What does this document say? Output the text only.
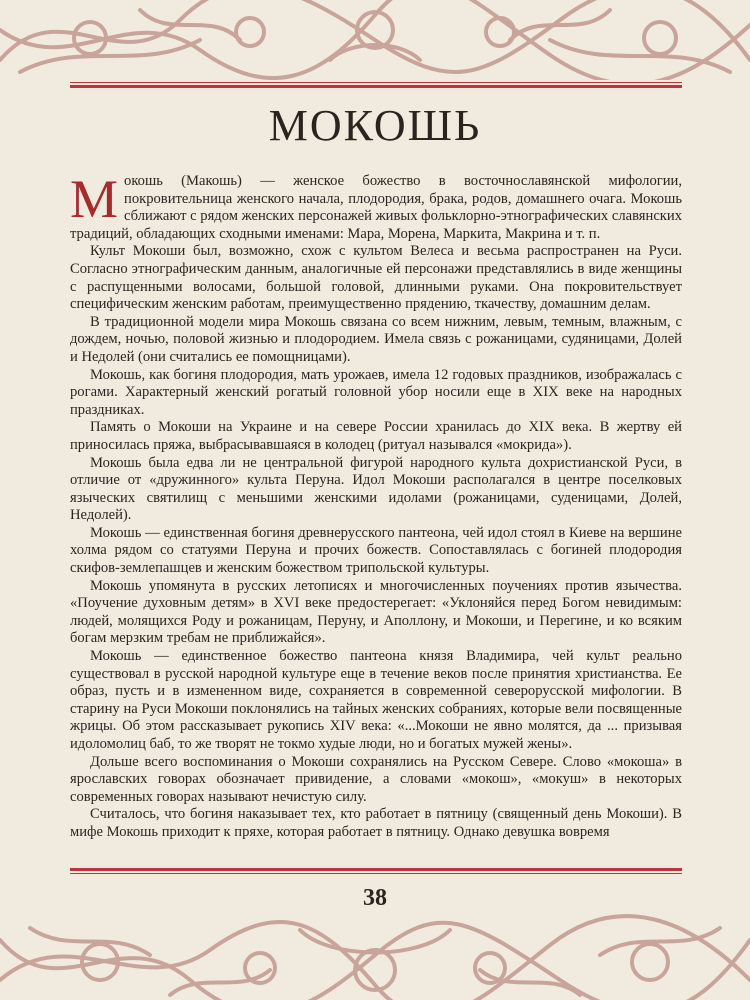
МОКОШЬ

Мокошь (Макошь) — женское божество в восточнославянской мифологии, покровительница женского начала, плодородия, брака, родов, домашнего очага. Мокошь сближают с рядом женских персонажей живых фольклорно-этнографических славянских традиций, обладающих сходными именами: Мара, Морена, Маркита, Макрина и т. п.

Культ Мокоши был, возможно, схож с культом Велеса и весьма распространен на Руси. Согласно этнографическим данным, аналогичные ей персонажи представлялись в виде женщины с распущенными волосами, большой головой, длинными руками. Она покровительствует специфическим женским работам, преимущественно прядению, ткачеству, домашним делам.

В традиционной модели мира Мокошь связана со всем нижним, левым, темным, влажным, с дождем, ночью, половой жизнью и плодородием. Имела связь с рожаницами, судяницами, Долей и Недолей (они считались ее помощницами).

Мокошь, как богиня плодородия, мать урожаев, имела 12 годовых праздников, изображалась с рогами. Характерный женский рогатый головной убор носили еще в XIX веке на народных праздниках.

Память о Мокоши на Украине и на севере России хранилась до XIX века. В жертву ей приносилась пряжа, выбрасывавшаяся в колодец (ритуал назывался «мокрида»).

Мокошь была едва ли не центральной фигурой народного культа дохристианской Руси, в отличие от «дружинного» культа Перуна. Идол Мокоши располагался в центре поселковых языческих святилищ с меньшими женскими идолами (рожаницами, суденицами, Долей, Недолей).

Мокошь — единственная богиня древнерусского пантеона, чей идол стоял в Киеве на вершине холма рядом со статуями Перуна и прочих божеств. Сопоставлялась с богиней плодородия скифов-землепашцев и женским божеством трипольской культуры.

Мокошь упомянута в русских летописях и многочисленных поучениях против язычества. «Поучение духовным детям» в XVI веке предостерегает: «Уклоняйся перед Богом невидимым: людей, молящихся Роду и рожаницам, Перуну, и Аполлону, и Мокоши, и Перегине, и ко всяким богам мерзким требам не приближайся».

Мокошь — единственное божество пантеона князя Владимира, чей культ реально существовал в русской народной культуре еще в течение веков после принятия христианства. Ее образ, пусть и в измененном виде, сохраняется в современной северорусской мифологии. В старину на Руси Мокоши поклонялись на тайных женских собраниях, которые вели посвященные жрицы. Об этом рассказывает рукопись XIV века: «...Мокоши не явно молятся, да ... призывая идоломолиц баб, то же творят не токмо худые люди, но и богатых мужей жены».

Дольше всего воспоминания о Мокоши сохранялись на Русском Севере. Слово «мокоша» в ярославских говорах обозначает привидение, а словами «мокош», «мокуш» в некоторых современных говорах называют нечистую силу.

Считалось, что богиня наказывает тех, кто работает в пятницу (священный день Мокоши). В мифе Мокошь приходит к пряхе, которая работает в пятницу. Однако девушка вовремя

38
